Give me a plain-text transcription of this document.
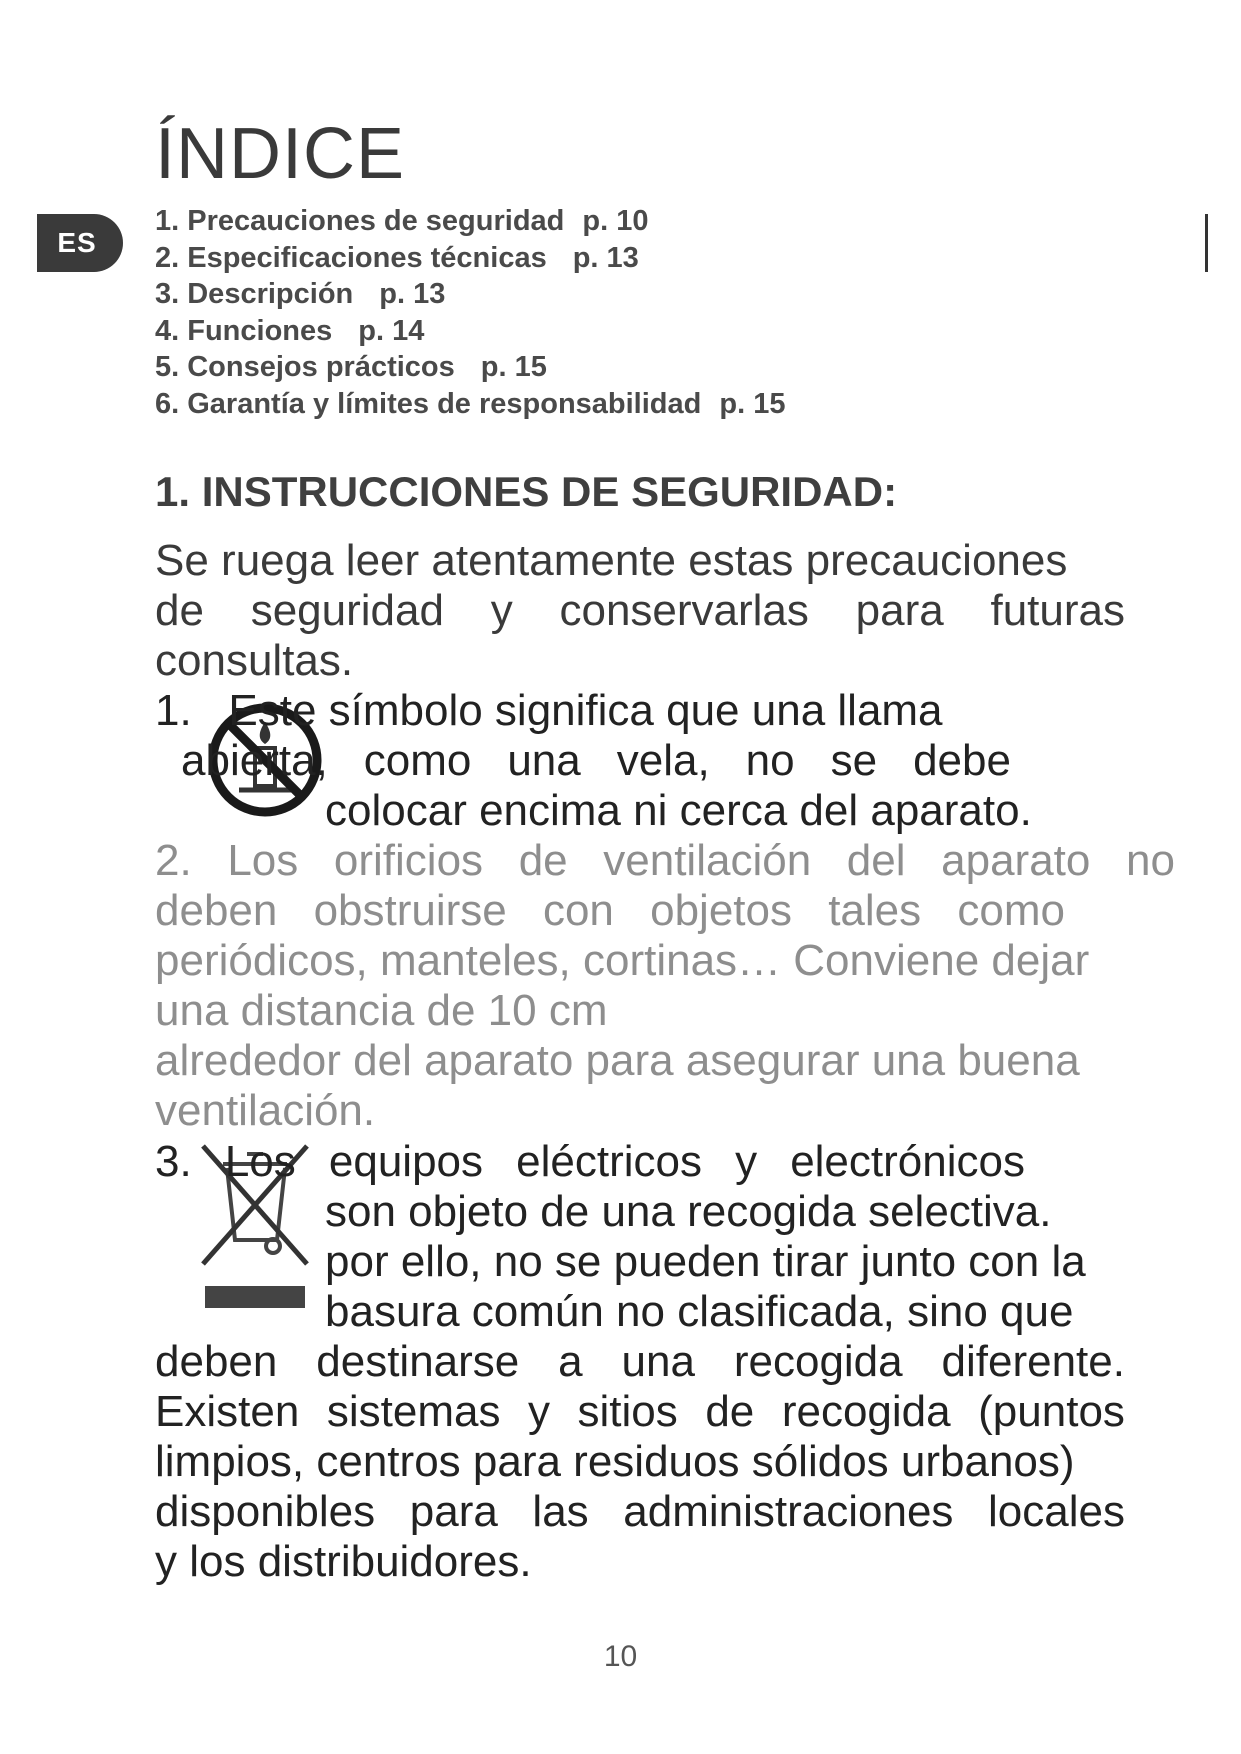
ES
ÍNDICE
1. Precauciones de seguridad p. 10
2. Especificaciones técnicas p. 13
3. Descripción p. 13
4. Funciones p. 14
5. Consejos prácticos p. 15
6. Garantía y límites de responsabilidad p. 15
1. INSTRUCCIONES DE SEGURIDAD:
Se ruega leer atentamente estas precauciones
de seguridad y conservarlas para futuras
consultas.
1.   Este símbolo significa que una llama
abierta, como una vela, no se debe
colocar encima ni cerca del aparato.
2. Los orificios de ventilación del aparato no
deben obstruirse con objetos tales como
periódicos, manteles, cortinas… Conviene dejar
una distancia de 10 cm
alrededor del aparato para asegurar una buena
ventilación.
3. Los equipos eléctricos y electrónicos
son objeto de una recogida selectiva.
por ello, no se pueden tirar junto con la
basura común no clasificada, sino que
deben destinarse a una recogida diferente.
Existen sistemas y sitios de recogida (puntos
limpios, centros para residuos sólidos urbanos)
disponibles para las administraciones locales
y los distribuidores.
10
